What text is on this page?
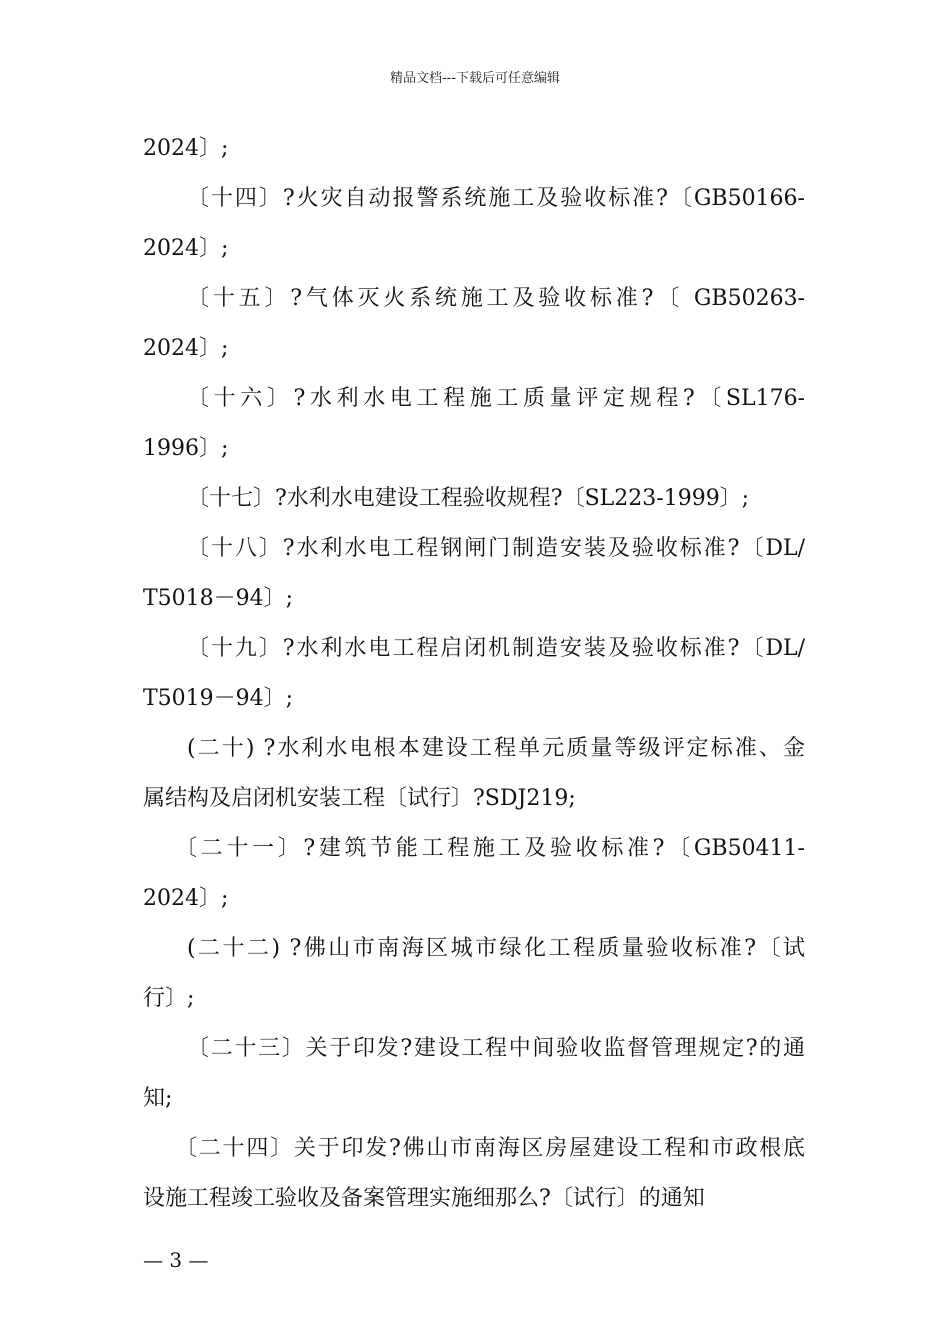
精品文档---下载后可任意编辑
2024〕;
〔十四〕?火灾自动报警系统施工及验收标准?〔GB50166-
2024〕;
〔十五〕?气体灭火系统施工及验收标准?〔 GB50263-
2024〕;
〔十六〕?水利水电工程施工质量评定规程?〔SL176-
1996〕;
〔十七〕?水利水电建设工程验收规程?〔SL223-1999〕;
〔十八〕?水利水电工程钢闸门制造安装及验收标准?〔DL/
T5018－94〕;
〔十九〕?水利水电工程启闭机制造安装及验收标准?〔DL/
T5019－94〕;
(二十) ?水利水电根本建设工程单元质量等级评定标准、金
属结构及启闭机安装工程〔试行〕?SDJ219;
〔二十一〕?建筑节能工程施工及验收标准?〔GB50411-
2024〕;
(二十二) ?佛山市南海区城市绿化工程质量验收标准?〔试
行〕;
〔二十三〕关于印发?建设工程中间验收监督管理规定?的通
知;
〔二十四〕关于印发?佛山市南海区房屋建设工程和市政根底
设施工程竣工验收及备案管理实施细那么?〔试行〕的通知
— 3 —
